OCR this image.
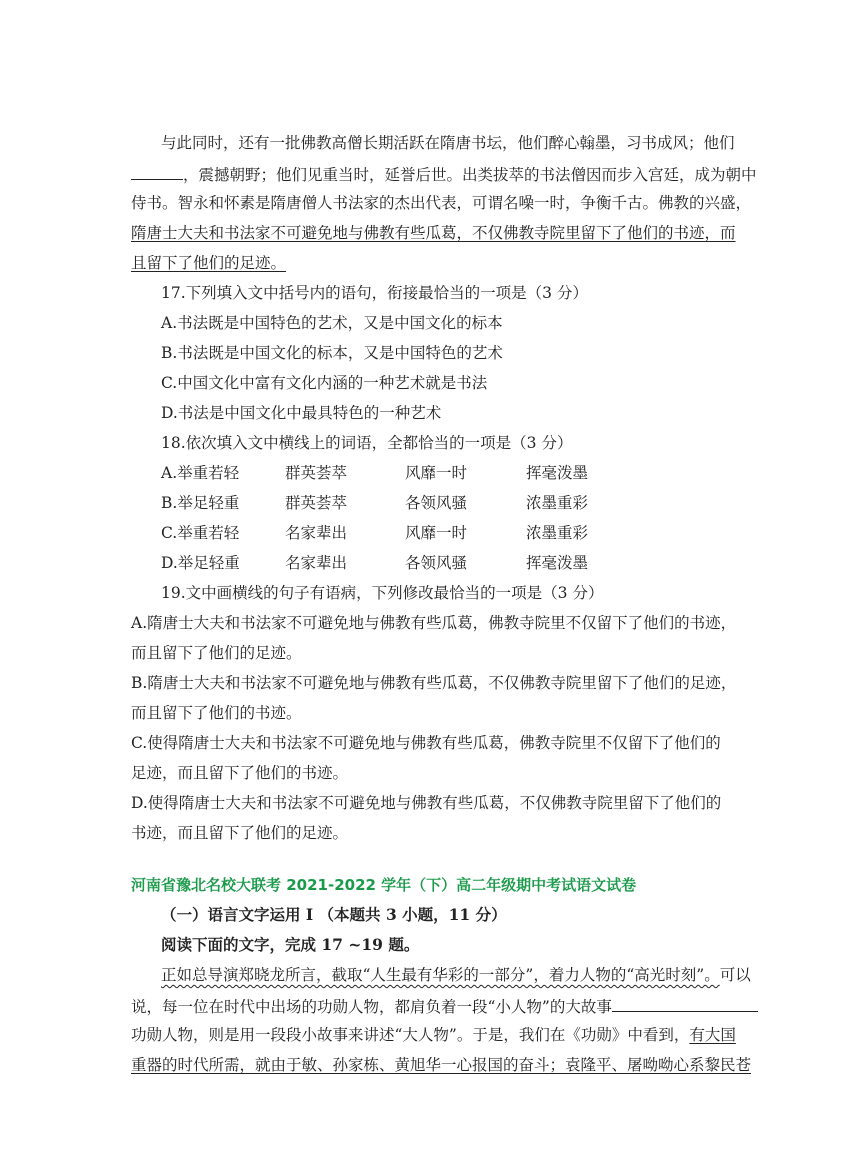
与此同时，还有一批佛教高僧长期活跃在隋唐书坛，他们醉心翰墨，习书成风；他们
，震撼朝野；他们见重当时，延誉后世。出类拔萃的书法僧因而步入宫廷，成为朝中
侍书。智永和怀素是隋唐僧人书法家的杰出代表，可谓名噪一时，争衡千古。佛教的兴盛，
隋唐士大夫和书法家不可避免地与佛教有些瓜葛，不仅佛教寺院里留下了他们的书迹，而
且留下了他们的足迹。
17.下列填入文中括号内的语句，衔接最恰当的一项是（3 分）
A.书法既是中国特色的艺术，又是中国文化的标本
B.书法既是中国文化的标本，又是中国特色的艺术
C.中国文化中富有文化内涵的一种艺术就是书法
D.书法是中国文化中最具特色的一种艺术
18.依次填入文中横线上的词语，全都恰当的一项是（3 分）
A.举重若轻	群英荟萃	风靡一时	挥毫泼墨
B.举足轻重	群英荟萃	各领风骚	浓墨重彩
C.举重若轻	名家辈出	风靡一时	浓墨重彩
D.举足轻重	名家辈出	各领风骚	挥毫泼墨
19.文中画横线的句子有语病，下列修改最恰当的一项是（3 分）
A.隋唐士大夫和书法家不可避免地与佛教有些瓜葛，佛教寺院里不仅留下了他们的书迹，
而且留下了他们的足迹。
B.隋唐士大夫和书法家不可避免地与佛教有些瓜葛，不仅佛教寺院里留下了他们的足迹，
而且留下了他们的书迹。
C.使得隋唐士大夫和书法家不可避免地与佛教有些瓜葛，佛教寺院里不仅留下了他们的
足迹，而且留下了他们的书迹。
D.使得隋唐士大夫和书法家不可避免地与佛教有些瓜葛，不仅佛教寺院里留下了他们的
书迹，而且留下了他们的足迹。
河南省豫北名校大联考 2021-2022 学年（下）高二年级期中考试语文试卷
（一）语言文字运用 I （本题共 3 小题，11 分）
阅读下面的文字，完成 17 ~19 题。
正如总导演郑晓龙所言，截取“人生最有华彩的一部分”，着力人物的“高光时刻”。可以
说，每一位在时代中出场的功勋人物，都肩负着一段“小人物”的大故事
功勋人物，则是用一段段小故事来讲述“大人物”。于是，我们在《功勋》中看到，有大国
重器的时代所需，就由于敏、孙家栋、黄旭华一心报国的奋斗；袁隆平、屠呦呦心系黎民苍
